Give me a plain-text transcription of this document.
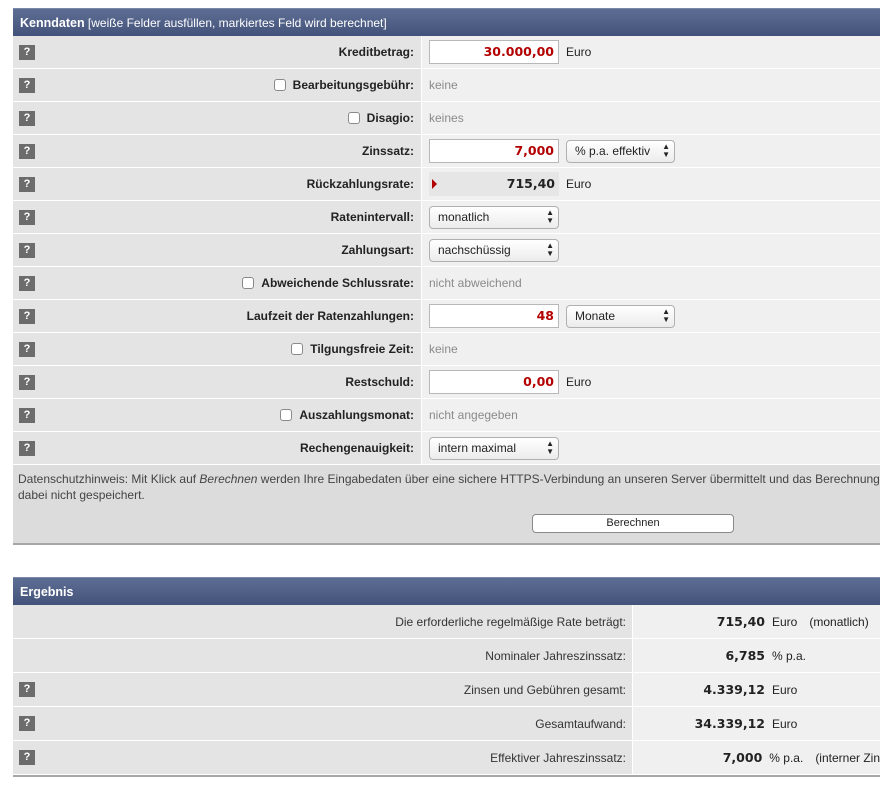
Kenndaten [weiße Felder ausfüllen, markiertes Feld wird berechnet]
?	Kreditbetrag:	30.000,00	Euro
?	Bearbeitungsgebühr: keine
?	Disagio: keines
?	Zinssatz:	7,000	% p.a. effektiv ▲
▼
?	Rückzahlungsrate:	715,40 Euro
?	Ratenintervall:	monatlich	▲
▼
?	Zahlungsart:	nachschüssig	▲
▼
?	Abweichende Schlussrate: nicht abweichend
?	Laufzeit der Ratenzahlungen:	48	Monate	▲
▼
?	Tilgungsfreie Zeit: keine
?	Restschuld:	0,00	Euro
?	Auszahlungsmonat: nicht angegeben
?	Rechengenauigkeit:	intern maximal	▲
▼
Datenschutzhinweis: Mit Klick auf Berechnen werden Ihre Eingabedaten über eine sichere HTTPS-Verbindung an unseren Server übermittelt und das Berechnung
dabei nicht gespeichert.
Berechnen
Ergebnis
Die erforderliche regelmäßige Rate beträgt:	715,40 Euro (monatlich)
Nominaler Jahreszinssatz:	6,785 % p.a.
?	Zinsen und Gebühren gesamt:	4.339,12 Euro
?	Gesamtaufwand:	34.339,12 Euro
?	Effektiver Jahreszinssatz:	7,000 % p.a. (interner Zin
